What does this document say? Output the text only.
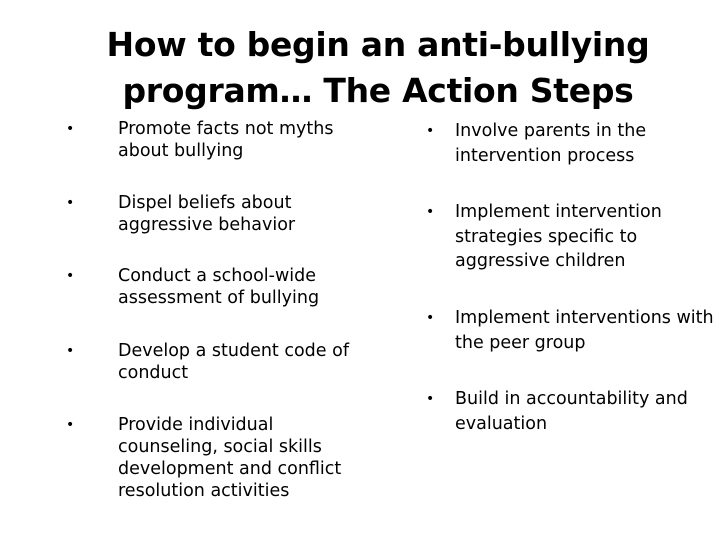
How to begin an anti-bullying
program… The Action Steps
• Promote facts not myths
about bullying
• Dispel beliefs about
aggressive behavior
• Conduct a school-wide
assessment of bullying
• Develop a student code of
conduct
• Provide individual
counseling, social skills
development and conflict
resolution activities
• Involve parents in the
intervention process
• Implement intervention
strategies specific to
aggressive children
• Implement interventions with
the peer group
• Build in accountability and
evaluation
